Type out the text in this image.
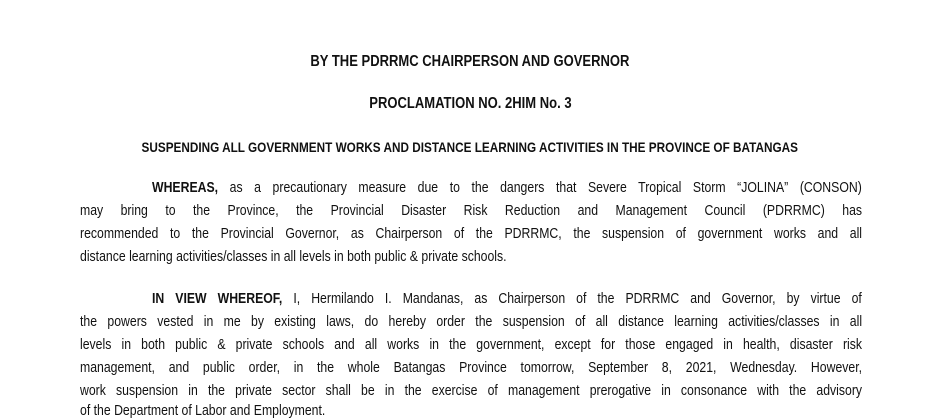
BY THE PDRRMC CHAIRPERSON AND GOVERNOR
PROCLAMATION NO. 2HIM No. 3
SUSPENDING ALL GOVERNMENT WORKS AND DISTANCE LEARNING ACTIVITIES IN THE PROVINCE OF BATANGAS
WHEREAS, as a precautionary measure due to the dangers that Severe Tropical Storm “JOLINA” (CONSON)
may bring to the Province, the Provincial Disaster Risk Reduction and Management Council (PDRRMC) has
recommended to the Provincial Governor, as Chairperson of the PDRRMC, the suspension of government works and all
distance learning activities/classes in all levels in both public & private schools.
IN VIEW WHEREOF, I, Hermilando I. Mandanas, as Chairperson of the PDRRMC and Governor, by virtue of
the powers vested in me by existing laws, do hereby order the suspension of all distance learning activities/classes in all
levels in both public & private schools and all works in the government, except for those engaged in health, disaster risk
management, and public order, in the whole Batangas Province tomorrow, September 8, 2021, Wednesday. However,
work suspension in the private sector shall be in the exercise of management prerogative in consonance with the advisory
of the Department of Labor and Employment.
